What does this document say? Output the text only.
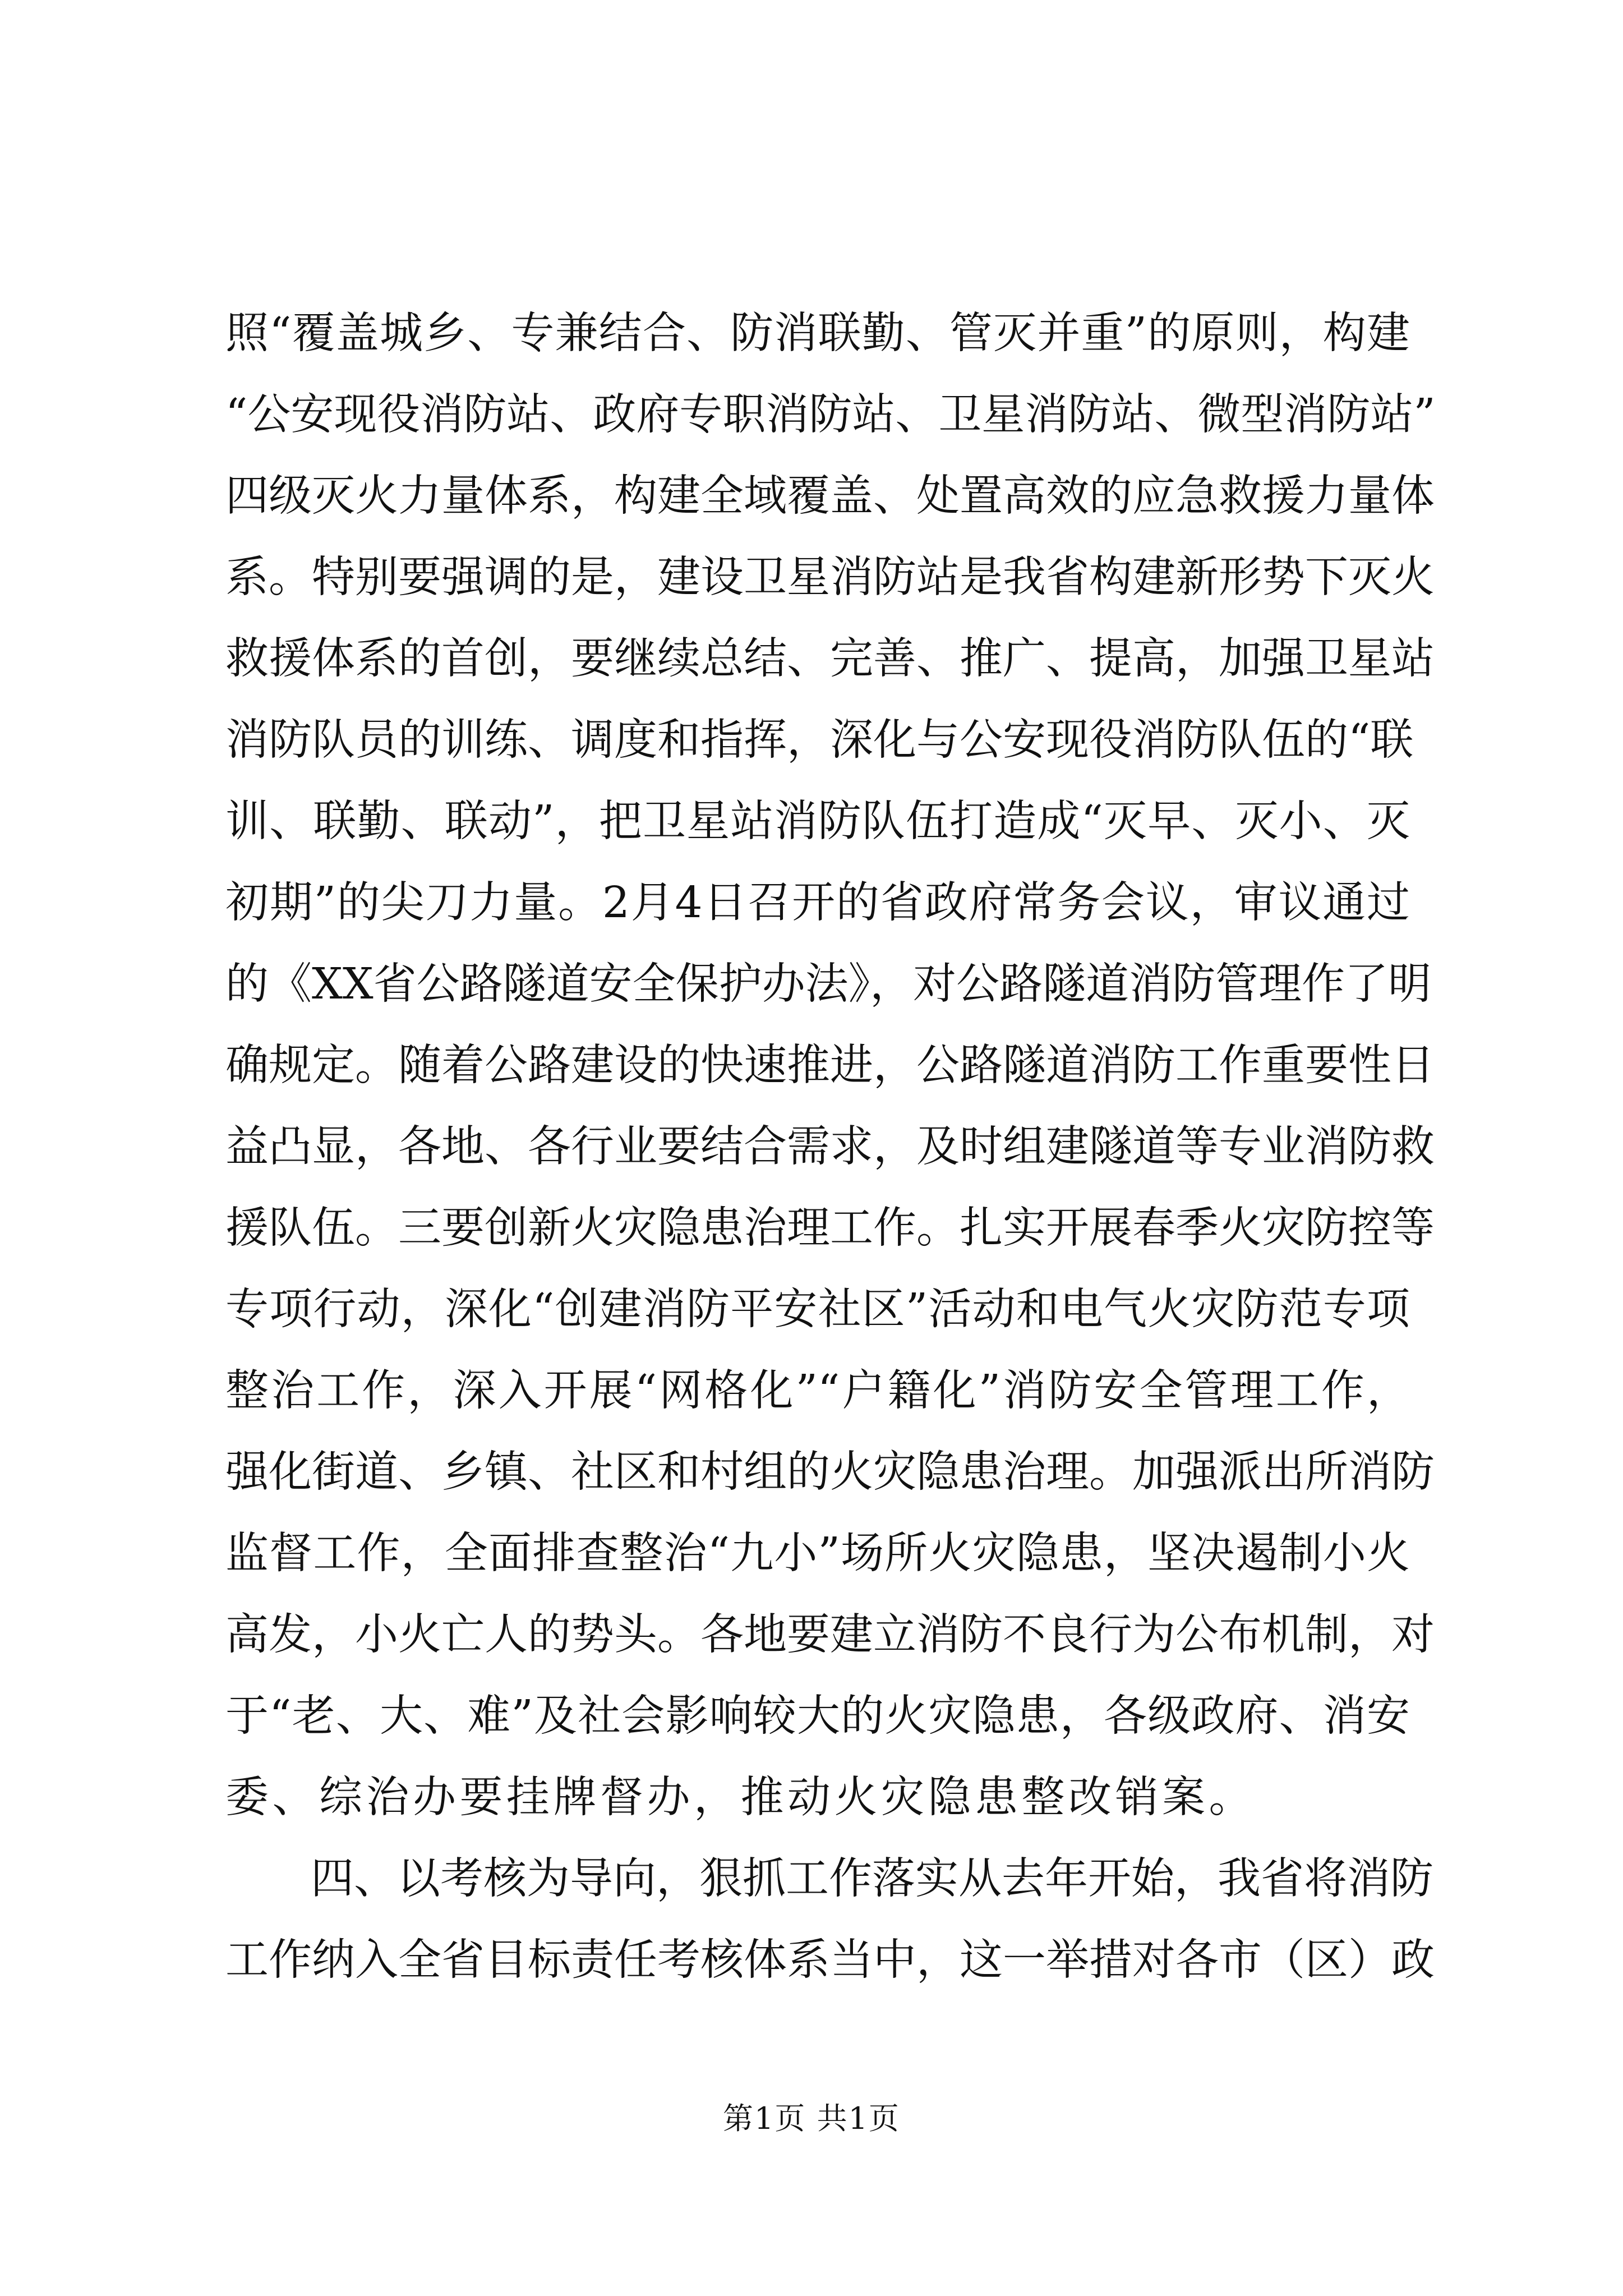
照“覆盖城乡、专兼结合、防消联勤、管灭并重”的原则，构建
“公安现役消防站、政府专职消防站、卫星消防站、微型消防站”
四级灭火力量体系，构建全域覆盖、处置高效的应急救援力量体
系。特别要强调的是，建设卫星消防站是我省构建新形势下灭火
救援体系的首创，要继续总结、完善、推广、提高，加强卫星站
消防队员的训练、调度和指挥，深化与公安现役消防队伍的“联
训、联勤、联动”，把卫星站消防队伍打造成“灭早、灭小、灭
初期”的尖刀力量。2月4日召开的省政府常务会议，审议通过
的《XX省公路隧道安全保护办法》，对公路隧道消防管理作了明
确规定。随着公路建设的快速推进，公路隧道消防工作重要性日
益凸显，各地、各行业要结合需求，及时组建隧道等专业消防救
援队伍。三要创新火灾隐患治理工作。扎实开展春季火灾防控等
专项行动，深化“创建消防平安社区”活动和电气火灾防范专项
整治工作，深入开展“网格化”“户籍化”消防安全管理工作，
强化街道、乡镇、社区和村组的火灾隐患治理。加强派出所消防
监督工作，全面排查整治“九小”场所火灾隐患，坚决遏制小火
高发，小火亡人的势头。各地要建立消防不良行为公布机制，对
于“老、大、难”及社会影响较大的火灾隐患，各级政府、消安
委、综治办要挂牌督办，推动火灾隐患整改销案。
四、以考核为导向，狠抓工作落实从去年开始，我省将消防
工作纳入全省目标责任考核体系当中，这一举措对各市（区）政
第1页 共1页
